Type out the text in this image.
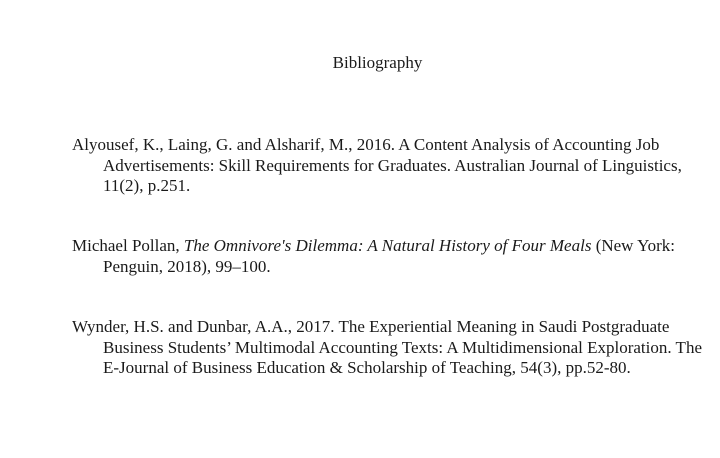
Bibliography
Alyousef, K., Laing, G. and Alsharif, M., 2016. A Content Analysis of Accounting Job Advertisements: Skill Requirements for Graduates. Australian Journal of Linguistics, 11(2), p.251.
Michael Pollan, The Omnivore's Dilemma: A Natural History of Four Meals (New York: Penguin, 2018), 99–100.
Wynder, H.S. and Dunbar, A.A., 2017. The Experiential Meaning in Saudi Postgraduate Business Students’ Multimodal Accounting Texts: A Multidimensional Exploration. The E-Journal of Business Education & Scholarship of Teaching, 54(3), pp.52-80.
